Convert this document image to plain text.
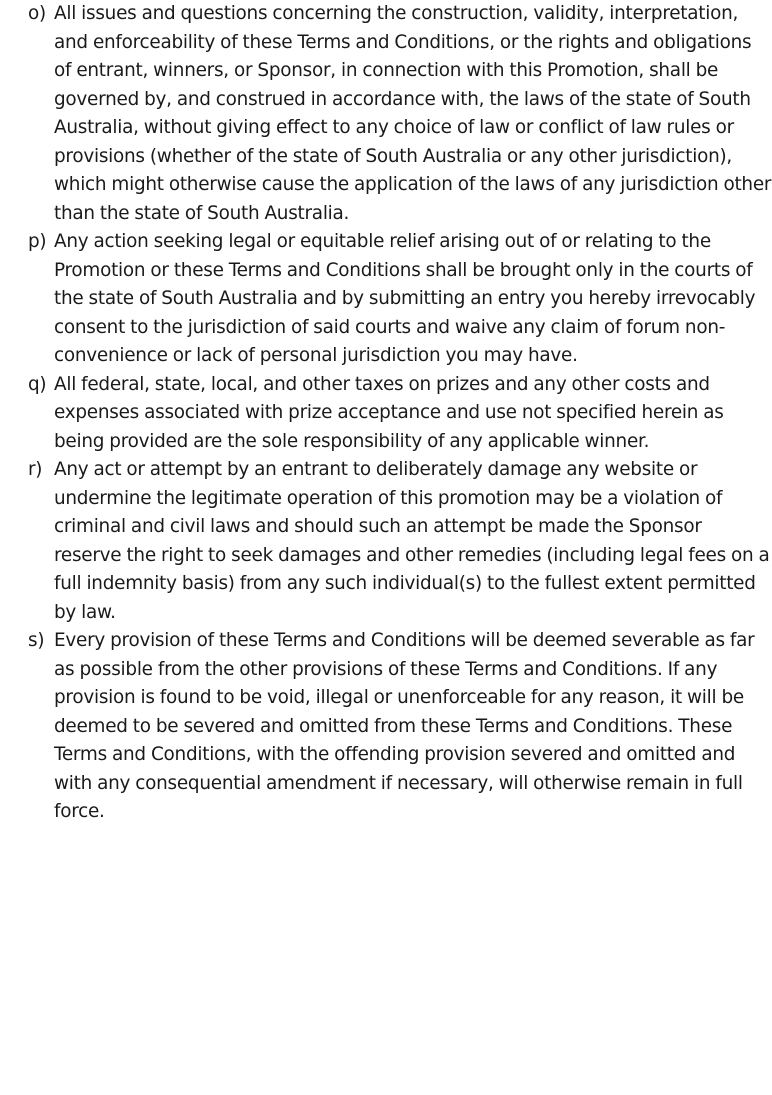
o) All issues and questions concerning the construction, validity, interpretation, and enforceability of these Terms and Conditions, or the rights and obligations of entrant, winners, or Sponsor, in connection with this Promotion, shall be governed by, and construed in accordance with, the laws of the state of South Australia, without giving effect to any choice of law or conflict of law rules or provisions (whether of the state of South Australia or any other jurisdiction), which might otherwise cause the application of the laws of any jurisdiction other than the state of South Australia.
p) Any action seeking legal or equitable relief arising out of or relating to the Promotion or these Terms and Conditions shall be brought only in the courts of the state of South Australia and by submitting an entry you hereby irrevocably consent to the jurisdiction of said courts and waive any claim of forum non-convenience or lack of personal jurisdiction you may have.
q) All federal, state, local, and other taxes on prizes and any other costs and expenses associated with prize acceptance and use not specified herein as being provided are the sole responsibility of any applicable winner.
r) Any act or attempt by an entrant to deliberately damage any website or undermine the legitimate operation of this promotion may be a violation of criminal and civil laws and should such an attempt be made the Sponsor reserve the right to seek damages and other remedies (including legal fees on a full indemnity basis) from any such individual(s) to the fullest extent permitted by law.
s) Every provision of these Terms and Conditions will be deemed severable as far as possible from the other provisions of these Terms and Conditions. If any provision is found to be void, illegal or unenforceable for any reason, it will be deemed to be severed and omitted from these Terms and Conditions. These Terms and Conditions, with the offending provision severed and omitted and with any consequential amendment if necessary, will otherwise remain in full force.
